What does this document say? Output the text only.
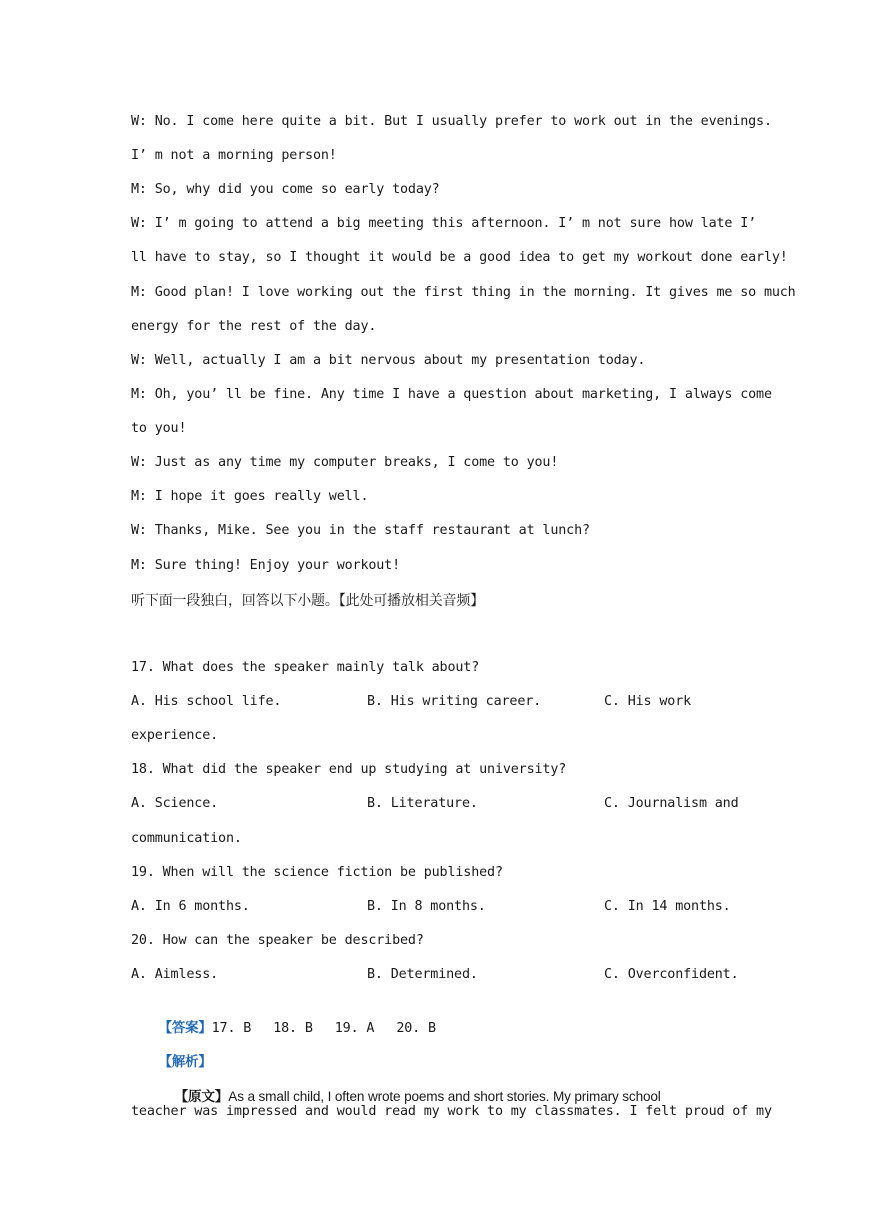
W: No. I come here quite a bit. But I usually prefer to work out in the evenings.
I’ m not a morning person!
M: So, why did you come so early today?
W: I’ m going to attend a big meeting this afternoon. I’ m not sure how late I’
ll have to stay, so I thought it would be a good idea to get my workout done early!
M: Good plan! I love working out the first thing in the morning. It gives me so much
energy for the rest of the day.
W: Well, actually I am a bit nervous about my presentation today.
M: Oh, you’ ll be fine. Any time I have a question about marketing, I always come
to you!
W: Just as any time my computer breaks, I come to you!
M: I hope it goes really well.
W: Thanks, Mike. See you in the staff restaurant at lunch?
M: Sure thing! Enjoy your workout!
听下面一段独白，回答以下小题。【此处可播放相关音频】
17. What does the speaker mainly talk about?

A. His school life.

	B. His writing career.

	C. His work

experience.
18. What did the speaker end up studying at university?

A. Science.

	B. Literature.

	C. Journalism and

communication.
19. When will the science fiction be published?

A. In 6 months.

	B. In 8 months.

	C. In 14 months.

20. How can the speaker be described?

A. Aimless.

	B. Determined.

	C. Overconfident.

【答案】17. B 18. B 19. A 20. B

【解析】

【原文】As a small child, I often wrote poems and short stories. My primary school

teacher was impressed and would read my work to my classmates. I felt proud of my
